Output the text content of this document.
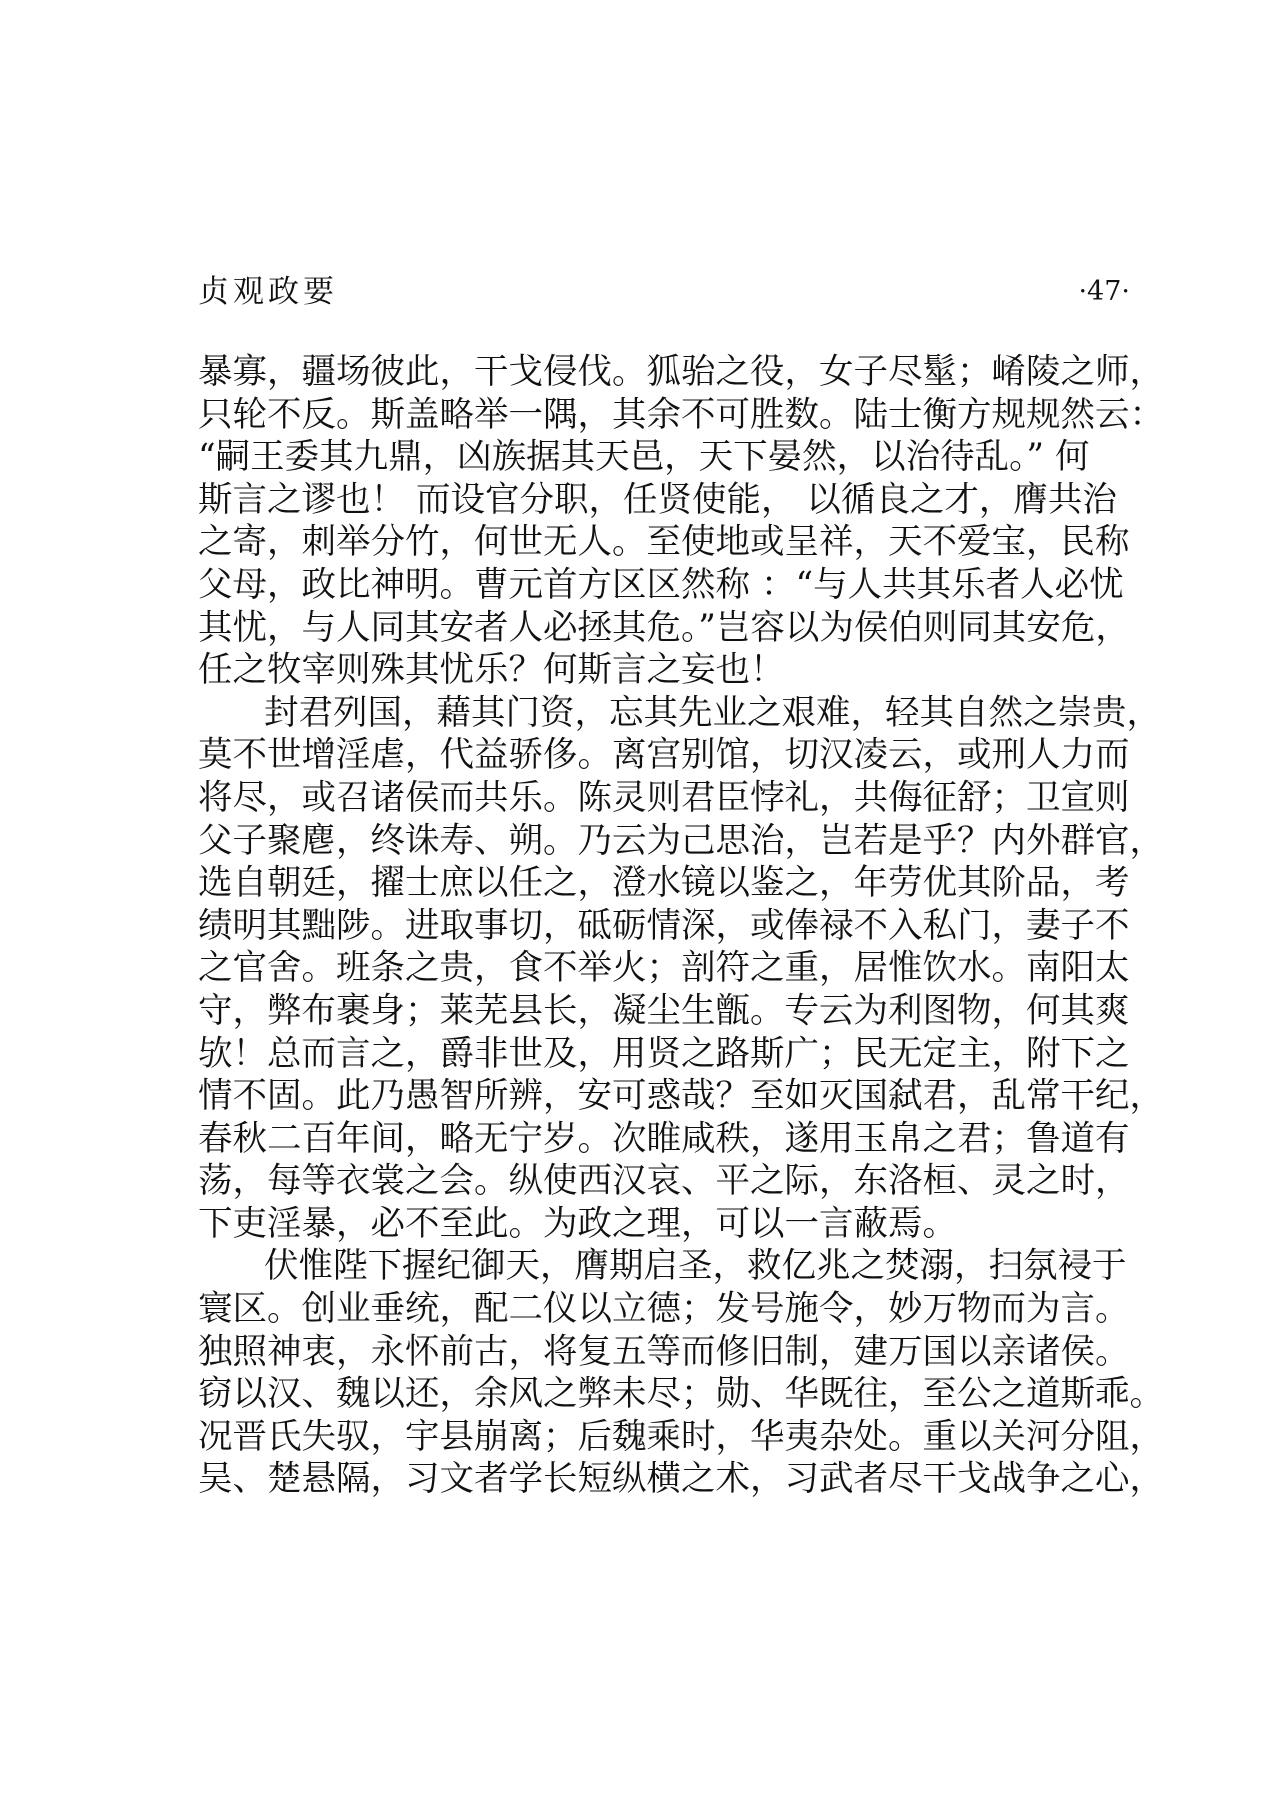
贞观政要	·47·
暴寡，疆场彼此，干戈侵伐。狐骀之役，女子尽髽；崤陵之师，
只轮不反。斯盖略举一隅，其余不可胜数。陆士衡方规规然云：
“嗣王委其九鼎，凶族据其天邑，天下晏然，以治待乱。” 何
斯言之谬也！ 而设官分职，任贤使能， 以循良之才，膺共治
之寄，刺举分竹，何世无人。至使地或呈祥，天不爱宝，民称
父母，政比神明。曹元首方区区然称 ：“与人共其乐者人必忧
其忧，与人同其安者人必拯其危。”岂容以为侯伯则同其安危，
任之牧宰则殊其忧乐？何斯言之妄也！
封君列国，藉其门资，忘其先业之艰难，轻其自然之崇贵，
莫不世增淫虐，代益骄侈。离宫别馆，切汉凌云，或刑人力而
将尽，或召诸侯而共乐。陈灵则君臣悖礼，共侮征舒；卫宣则
父子聚麀，终诛寿、朔。乃云为己思治，岂若是乎？内外群官，
选自朝廷，擢士庶以任之，澄水镜以鉴之，年劳优其阶品，考
绩明其黜陟。进取事切，砥砺情深，或俸禄不入私门，妻子不
之官舍。班条之贵，食不举火；剖符之重，居惟饮水。南阳太
守，弊布裹身；莱芜县长，凝尘生甑。专云为利图物，何其爽
欤！总而言之，爵非世及，用贤之路斯广；民无定主，附下之
情不固。此乃愚智所辨，安可惑哉？至如灭国弑君，乱常干纪，
春秋二百年间，略无宁岁。次睢咸秩，遂用玉帛之君；鲁道有
荡，每等衣裳之会。纵使西汉哀、平之际，东洛桓、灵之时，
下吏淫暴，必不至此。为政之理，可以一言蔽焉。
伏惟陛下握纪御天，膺期启圣，救亿兆之焚溺，扫氛祲于
寰区。创业垂统，配二仪以立德；发号施令，妙万物而为言。
独照神衷，永怀前古，将复五等而修旧制，建万国以亲诸侯。
窃以汉、魏以还，余风之弊未尽；勋、华既往，至公之道斯乖。
况晋氏失驭，宇县崩离；后魏乘时，华夷杂处。重以关河分阻，
吴、楚悬隔，习文者学长短纵横之术，习武者尽干戈战争之心，
